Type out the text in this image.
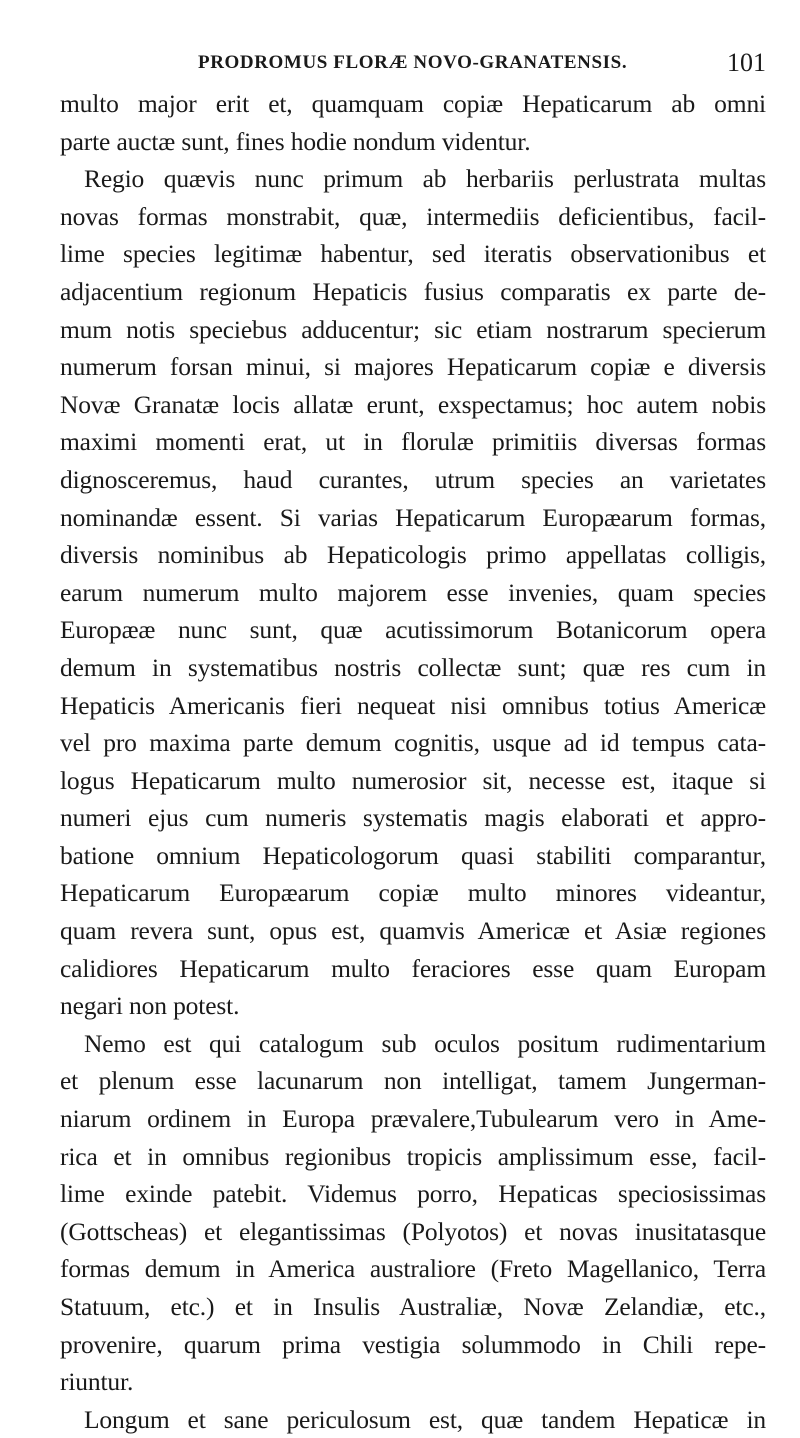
PRODROMUS FLORÆ NOVO-GRANATENSIS.	101
multo major erit et, quamquam copiæ Hepaticarum ab omni
parte auctæ sunt, fines hodie nondum videntur.
Regio quævis nunc primum ab herbariis perlustrata multas
novas formas monstrabit, quæ, intermediis deficientibus, facil-
lime species legitimæ habentur, sed iteratis observationibus et
adjacentium regionum Hepaticis fusius comparatis ex parte de-
mum notis speciebus adducentur; sic etiam nostrarum specierum
numerum forsan minui, si majores Hepaticarum copiæ e diversis
Novæ Granatæ locis allatæ erunt, exspectamus; hoc autem nobis
maximi momenti erat, ut in florulæ primitiis diversas formas
dignosceremus, haud curantes, utrum species an varietates
nominandæ essent. Si varias Hepaticarum Europæarum formas,
diversis nominibus ab Hepaticologis primo appellatas colligis,
earum numerum multo majorem esse invenies, quam species
Europææ nunc sunt, quæ acutissimorum Botanicorum opera
demum in systematibus nostris collectæ sunt; quæ res cum in
Hepaticis Americanis fieri nequeat nisi omnibus totius Americæ
vel pro maxima parte demum cognitis, usque ad id tempus cata-
logus Hepaticarum multo numerosior sit, necesse est, itaque si
numeri ejus cum numeris systematis magis elaborati et appro-
batione omnium Hepaticologorum quasi stabiliti comparantur,
Hepaticarum Europæarum copiæ multo minores videantur,
quam revera sunt, opus est, quamvis Americæ et Asiæ regiones
calidiores Hepaticarum multo feraciores esse quam Europam
negari non potest.
Nemo est qui catalogum sub oculos positum rudimentarium
et plenum esse lacunarum non intelligat, tamem Jungerman-
niarum ordinem in Europa prævalere,Tubulearum vero in Ame-
rica et in omnibus regionibus tropicis amplissimum esse, facil-
lime exinde patebit. Videmus porro, Hepaticas speciosissimas
(Gottscheas) et elegantissimas (Polyotos) et novas inusitatasque
formas demum in America australiore (Freto Magellanico, Terra
Statuum, etc.) et in Insulis Australiæ, Novæ Zelandiæ, etc.,
provenire, quarum prima vestigia solummodo in Chili repe-
riuntur.
Longum et sane periculosum est, quæ tandem Hepaticæ in
